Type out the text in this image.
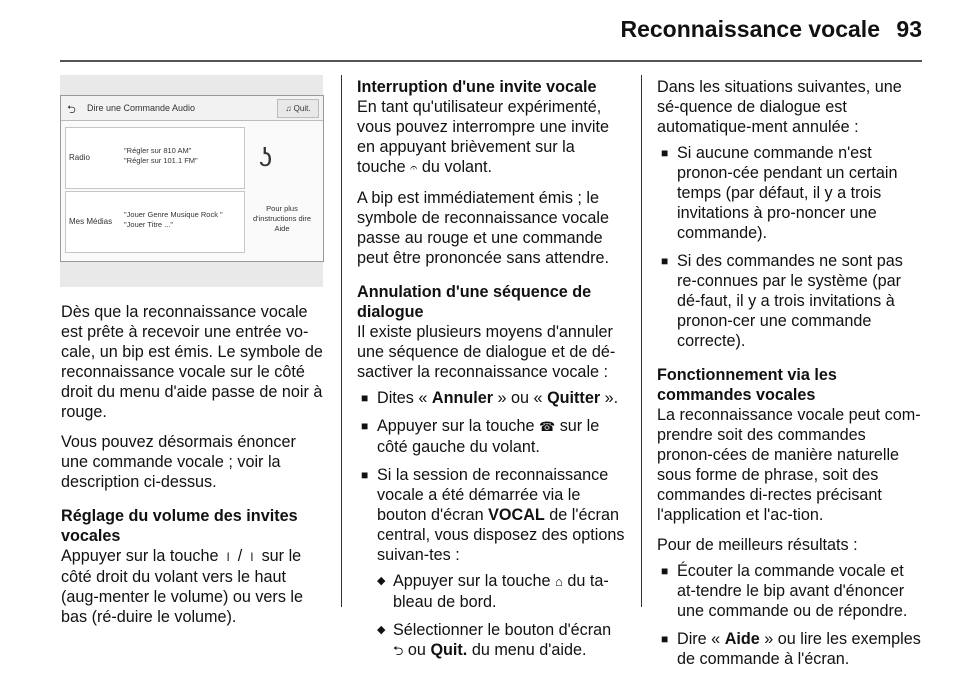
Reconnaissance vocale 93
⮌ Dire une Commande Audio	♫ Quit.
Radio
"Régler sur 810 AM"
"Régler sur 101.1 FM"
Mes Médias
"Jouer Genre Musique Rock "
"Jouer Titre ..."
ʖ
Pour plus
d'instructions dire
Aide

Dès que la reconnaissance vocale est prête à recevoir une entrée vo-cale, un bip est émis. Le symbole de reconnaissance vocale sur le côté droit du menu d'aide passe de noir à rouge.

Vous pouvez désormais énoncer une commande vocale ; voir la description ci-dessus.

Réglage du volume des invites vocales

Appuyer sur la touche ⏽ / ⏽ sur le côté droit du volant vers le haut (aug-menter le volume) ou vers le bas (ré-duire le volume).

Interruption d'une invite vocale

En tant qu'utilisateur expérimenté, vous pouvez interrompre une invite en appuyant brièvement sur la touche 𝄐 du volant.

A bip est immédiatement émis ; le symbole de reconnaissance vocale passe au rouge et une commande peut être prononcée sans attendre.

Annulation d'une séquence de dialogue

Il existe plusieurs moyens d'annuler une séquence de dialogue et de dé-sactiver la reconnaissance vocale :

■ Dites « Annuler » ou « Quitter ».
■ Appuyer sur la touche ☎ sur le côté gauche du volant.
■ Si la session de reconnaissance vocale a été démarrée via le bouton d'écran VOCAL de l'écran central, vous disposez des options suivan-tes :
◆ Appuyer sur la touche ⌂ du ta-bleau de bord.
◆ Sélectionner le bouton d'écran ⮌ ou Quit. du menu d'aide.

Dans les situations suivantes, une sé-quence de dialogue est automatique-ment annulée :

■ Si aucune commande n'est pronon-cée pendant un certain temps (par défaut, il y a trois invitations à pro-noncer une commande).
■ Si des commandes ne sont pas re-connues par le système (par dé-faut, il y a trois invitations à pronon-cer une commande correcte).
Fonctionnement via les commandes vocales

La reconnaissance vocale peut com-prendre soit des commandes pronon-cées de manière naturelle sous forme de phrase, soit des commandes di-rectes précisant l'application et l'ac-tion.

Pour de meilleurs résultats :

■ Écouter la commande vocale et at-tendre le bip avant d'énoncer une commande ou de répondre.
■ Dire « Aide » ou lire les exemples de commande à l'écran.
